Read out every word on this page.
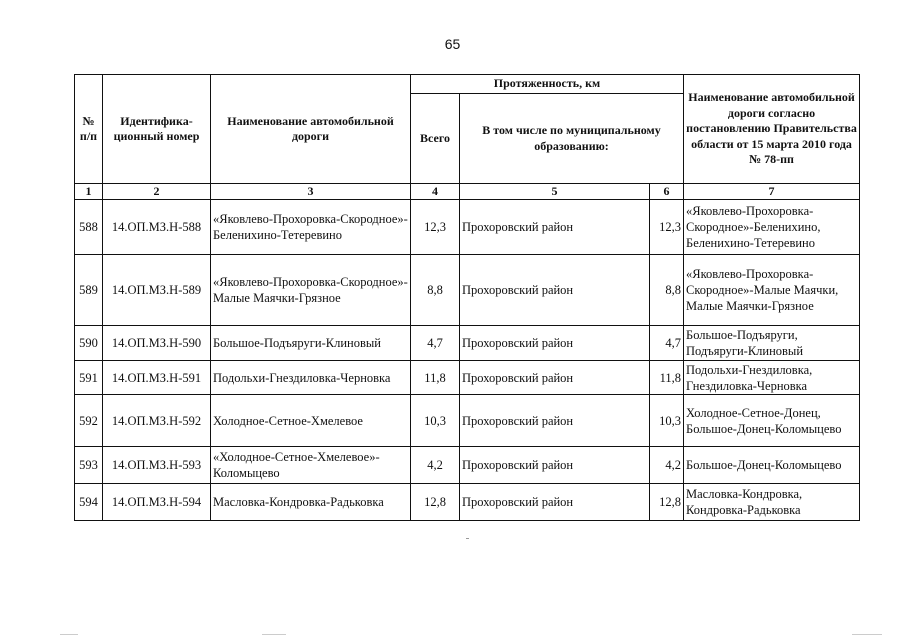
65
№ п/п	Идентифика- ционный номер	Наименование автомобильной дороги	Протяженность, км			Наименование автомобильной дороги согласно постановлению Правительства области от 15 марта 2010 года № 78-пп
			Всего	В том числе по муниципальному образованию:		
1	2	3	4	5	6	7
588	14.ОП.МЗ.Н-588	«Яковлево-Прохоровка-Скородное»-Беленихино-Тетеревино	12,3	Прохоровский район	12,3	«Яковлево-Прохоровка-Скородное»-Беленихино, Беленихино-Тетеревино
589	14.ОП.МЗ.Н-589	«Яковлево-Прохоровка-Скородное»-Малые Маячки-Грязное	8,8	Прохоровский район	8,8	«Яковлево-Прохоровка-Скородное»-Малые Маячки, Малые Маячки-Грязное
590	14.ОП.МЗ.Н-590	Большое-Подъяруги-Клиновый	4,7	Прохоровский район	4,7	Большое-Подъяруги, Подъяруги-Клиновый
591	14.ОП.МЗ.Н-591	Подольхи-Гнездиловка-Черновка	11,8	Прохоровский район	11,8	Подольхи-Гнездиловка, Гнездиловка-Черновка
592	14.ОП.МЗ.Н-592	Холодное-Сетное-Хмелевое	10,3	Прохоровский район	10,3	Холодное-Сетное-Донец, Большое-Донец-Коломыцево
593	14.ОП.МЗ.Н-593	«Холодное-Сетное-Хмелевое»-Коломыцево	4,2	Прохоровский район	4,2	Большое-Донец-Коломыцево
594	14.ОП.МЗ.Н-594	Масловка-Кондровка-Радьковка	12,8	Прохоровский район	12,8	Масловка-Кондровка, Кондровка-Радьковка
